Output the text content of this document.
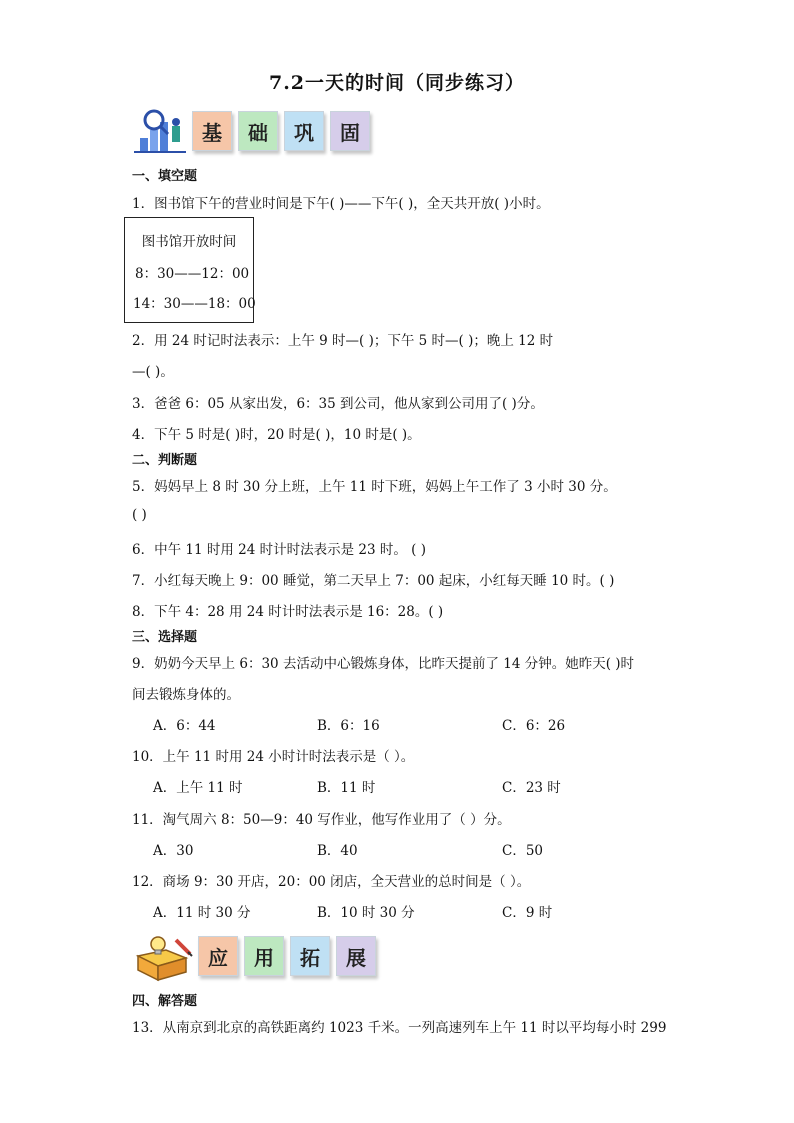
7.2一天的时间（同步练习）
基	础	巩	固
一、填空题
1．图书馆下午的营业时间是下午( )——下午( )，全天共开放( )小时。
图书馆开放时间
8：30——12：00
14：30——18：00
2．用 24 时记时法表示：上午 9 时—( )；下午 5 时—( )；晚上 12 时
—( )。
3．爸爸 6：05 从家出发，6：35 到公司，他从家到公司用了( )分。
4．下午 5 时是( )时，20 时是( )，10 时是( )。
二、判断题
5．妈妈早上 8 时 30 分上班，上午 11 时下班，妈妈上午工作了 3 小时 30 分。
( )
6．中午 11 时用 24 时计时法表示是 23 时。 ( )
7．小红每天晚上 9：00 睡觉，第二天早上 7：00 起床，小红每天睡 10 时。( )
8．下午 4：28 用 24 时计时法表示是 16：28。( )
三、选择题
9．奶奶今天早上 6：30 去活动中心锻炼身体，比昨天提前了 14 分钟。她昨天( )时
间去锻炼身体的。
A．6：44	B．6：16	C．6：26
10．上午 11 时用 24 小时计时法表示是（ ）。
A．上午 11 时	B．11 时	C．23 时
11．淘气周六 8：50—9：40 写作业，他写作业用了（ ）分。
A．30	B．40	C．50
12．商场 9：30 开店，20：00 闭店，全天营业的总时间是（ ）。
A．11 时 30 分	B．10 时 30 分	C．9 时
应	用	拓	展
四、解答题
13．从南京到北京的高铁距离约 1023 千米。一列高速列车上午 11 时以平均每小时 299
